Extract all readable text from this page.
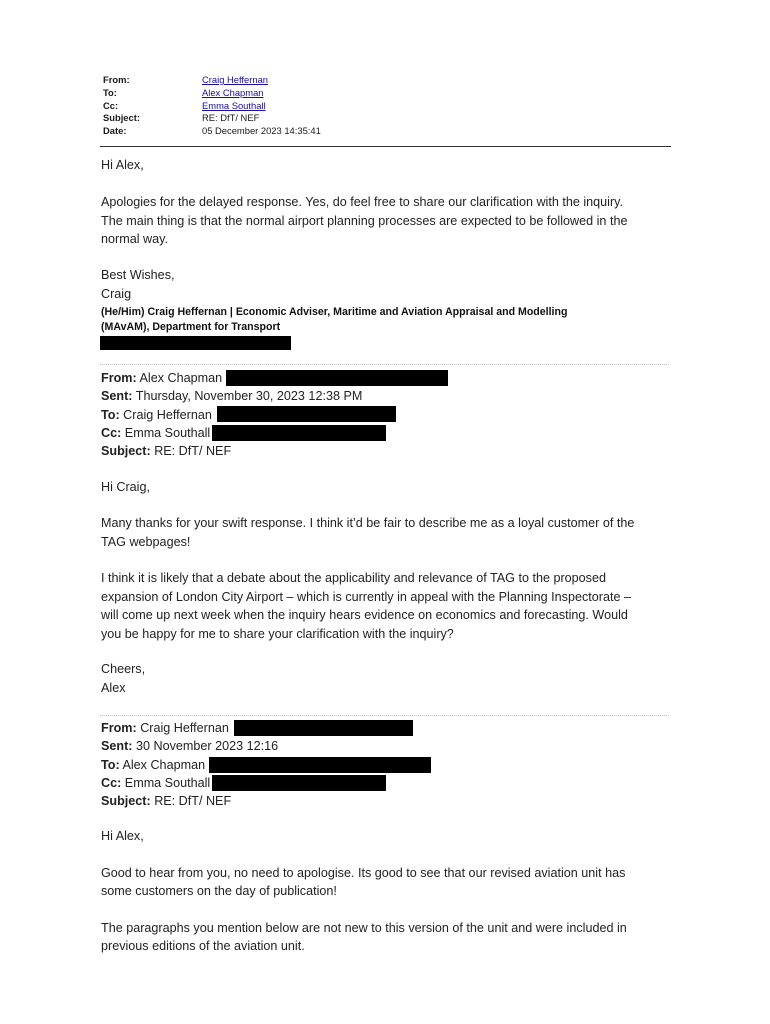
From:	Craig Heffernan
To:	Alex Chapman
Cc:	Emma Southall
Subject:	RE: DfT/ NEF
Date:	05 December 2023 14:35:41
Hi Alex,
Apologies for the delayed response. Yes, do feel free to share our clarification with the inquiry.
The main thing is that the normal airport planning processes are expected to be followed in the
normal way.
Best Wishes,
Craig
(He/Him) Craig Heffernan | Economic Adviser, Maritime and Aviation Appraisal and Modelling
(MAvAM), Department for Transport
From: Alex Chapman
Sent: Thursday, November 30, 2023 12:38 PM
To: Craig Heffernan
Cc: Emma Southall
Subject: RE: DfT/ NEF
Hi Craig,
Many thanks for your swift response. I think it’d be fair to describe me as a loyal customer of the
TAG webpages!
I think it is likely that a debate about the applicability and relevance of TAG to the proposed
expansion of London City Airport – which is currently in appeal with the Planning Inspectorate –
will come up next week when the inquiry hears evidence on economics and forecasting. Would
you be happy for me to share your clarification with the inquiry?
Cheers,
Alex
From: Craig Heffernan
Sent: 30 November 2023 12:16
To: Alex Chapman
Cc: Emma Southall
Subject: RE: DfT/ NEF
Hi Alex,
Good to hear from you, no need to apologise. Its good to see that our revised aviation unit has
some customers on the day of publication!
The paragraphs you mention below are not new to this version of the unit and were included in
previous editions of the aviation unit.
